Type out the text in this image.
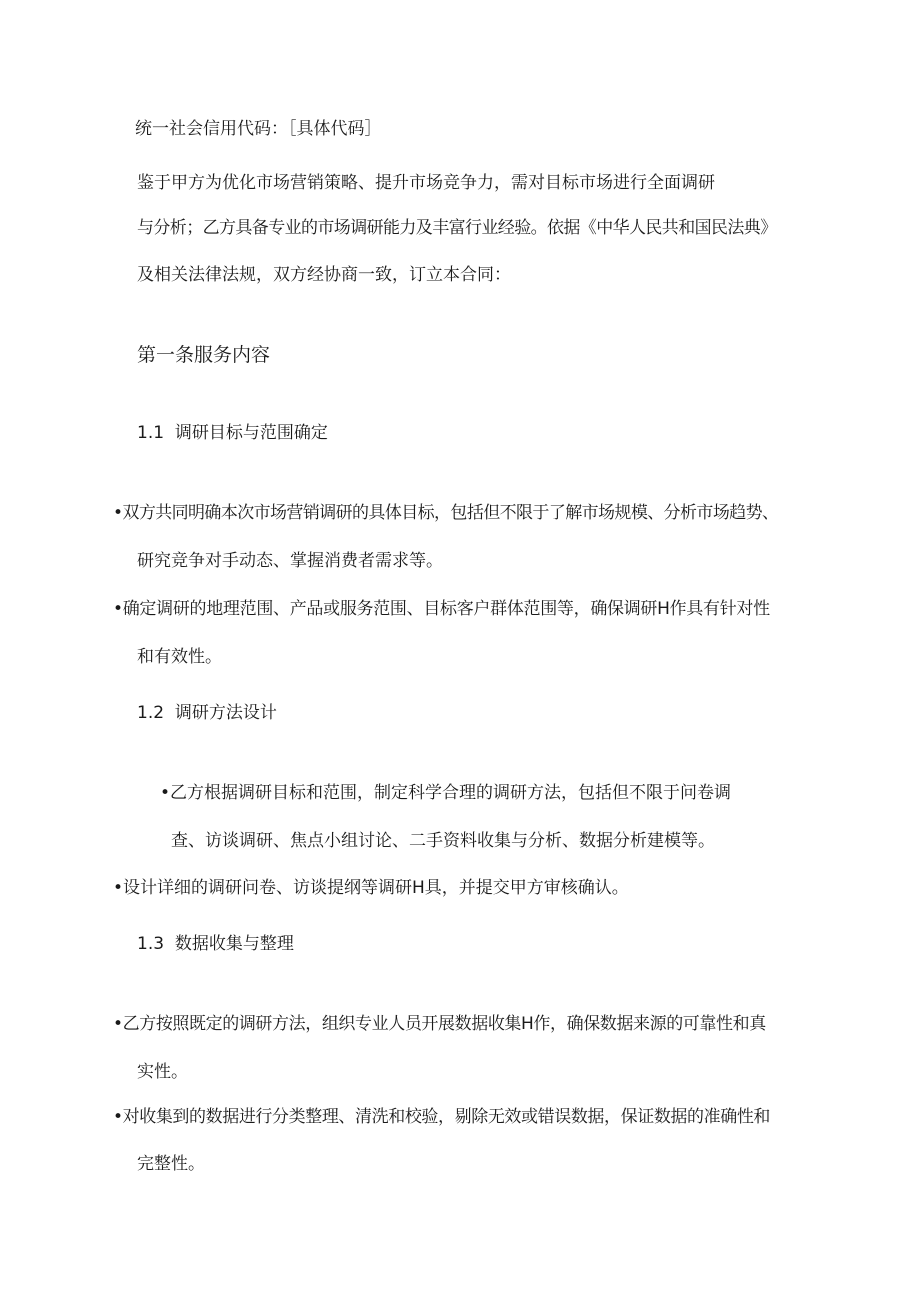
统一社会信用代码：［具体代码］
鉴于甲方为优化市场营销策略、提升市场竞争力，需对目标市场进行全面调研
与分析；乙方具备专业的市场调研能力及丰富行业经验。依据《中华人民共和国民法典》
及相关法律法规，双方经协商一致，订立本合同：
第一条服务内容
1.1  调研目标与范围确定
•双方共同明确本次市场营销调研的具体目标，包括但不限于了解市场规模、分析市场趋势、
研究竞争对手动态、掌握消费者需求等。
•确定调研的地理范围、产品或服务范围、目标客户群体范围等，确保调研H作具有针对性
和有效性。
1.2  调研方法设计
•乙方根据调研目标和范围，制定科学合理的调研方法，包括但不限于问卷调
查、访谈调研、焦点小组讨论、二手资料收集与分析、数据分析建模等。
•设计详细的调研问卷、访谈提纲等调研H具，并提交甲方审核确认。
1.3  数据收集与整理
•乙方按照既定的调研方法，组织专业人员开展数据收集H作，确保数据来源的可靠性和真
实性。
•对收集到的数据进行分类整理、清洗和校验，剔除无效或错误数据，保证数据的准确性和
完整性。
